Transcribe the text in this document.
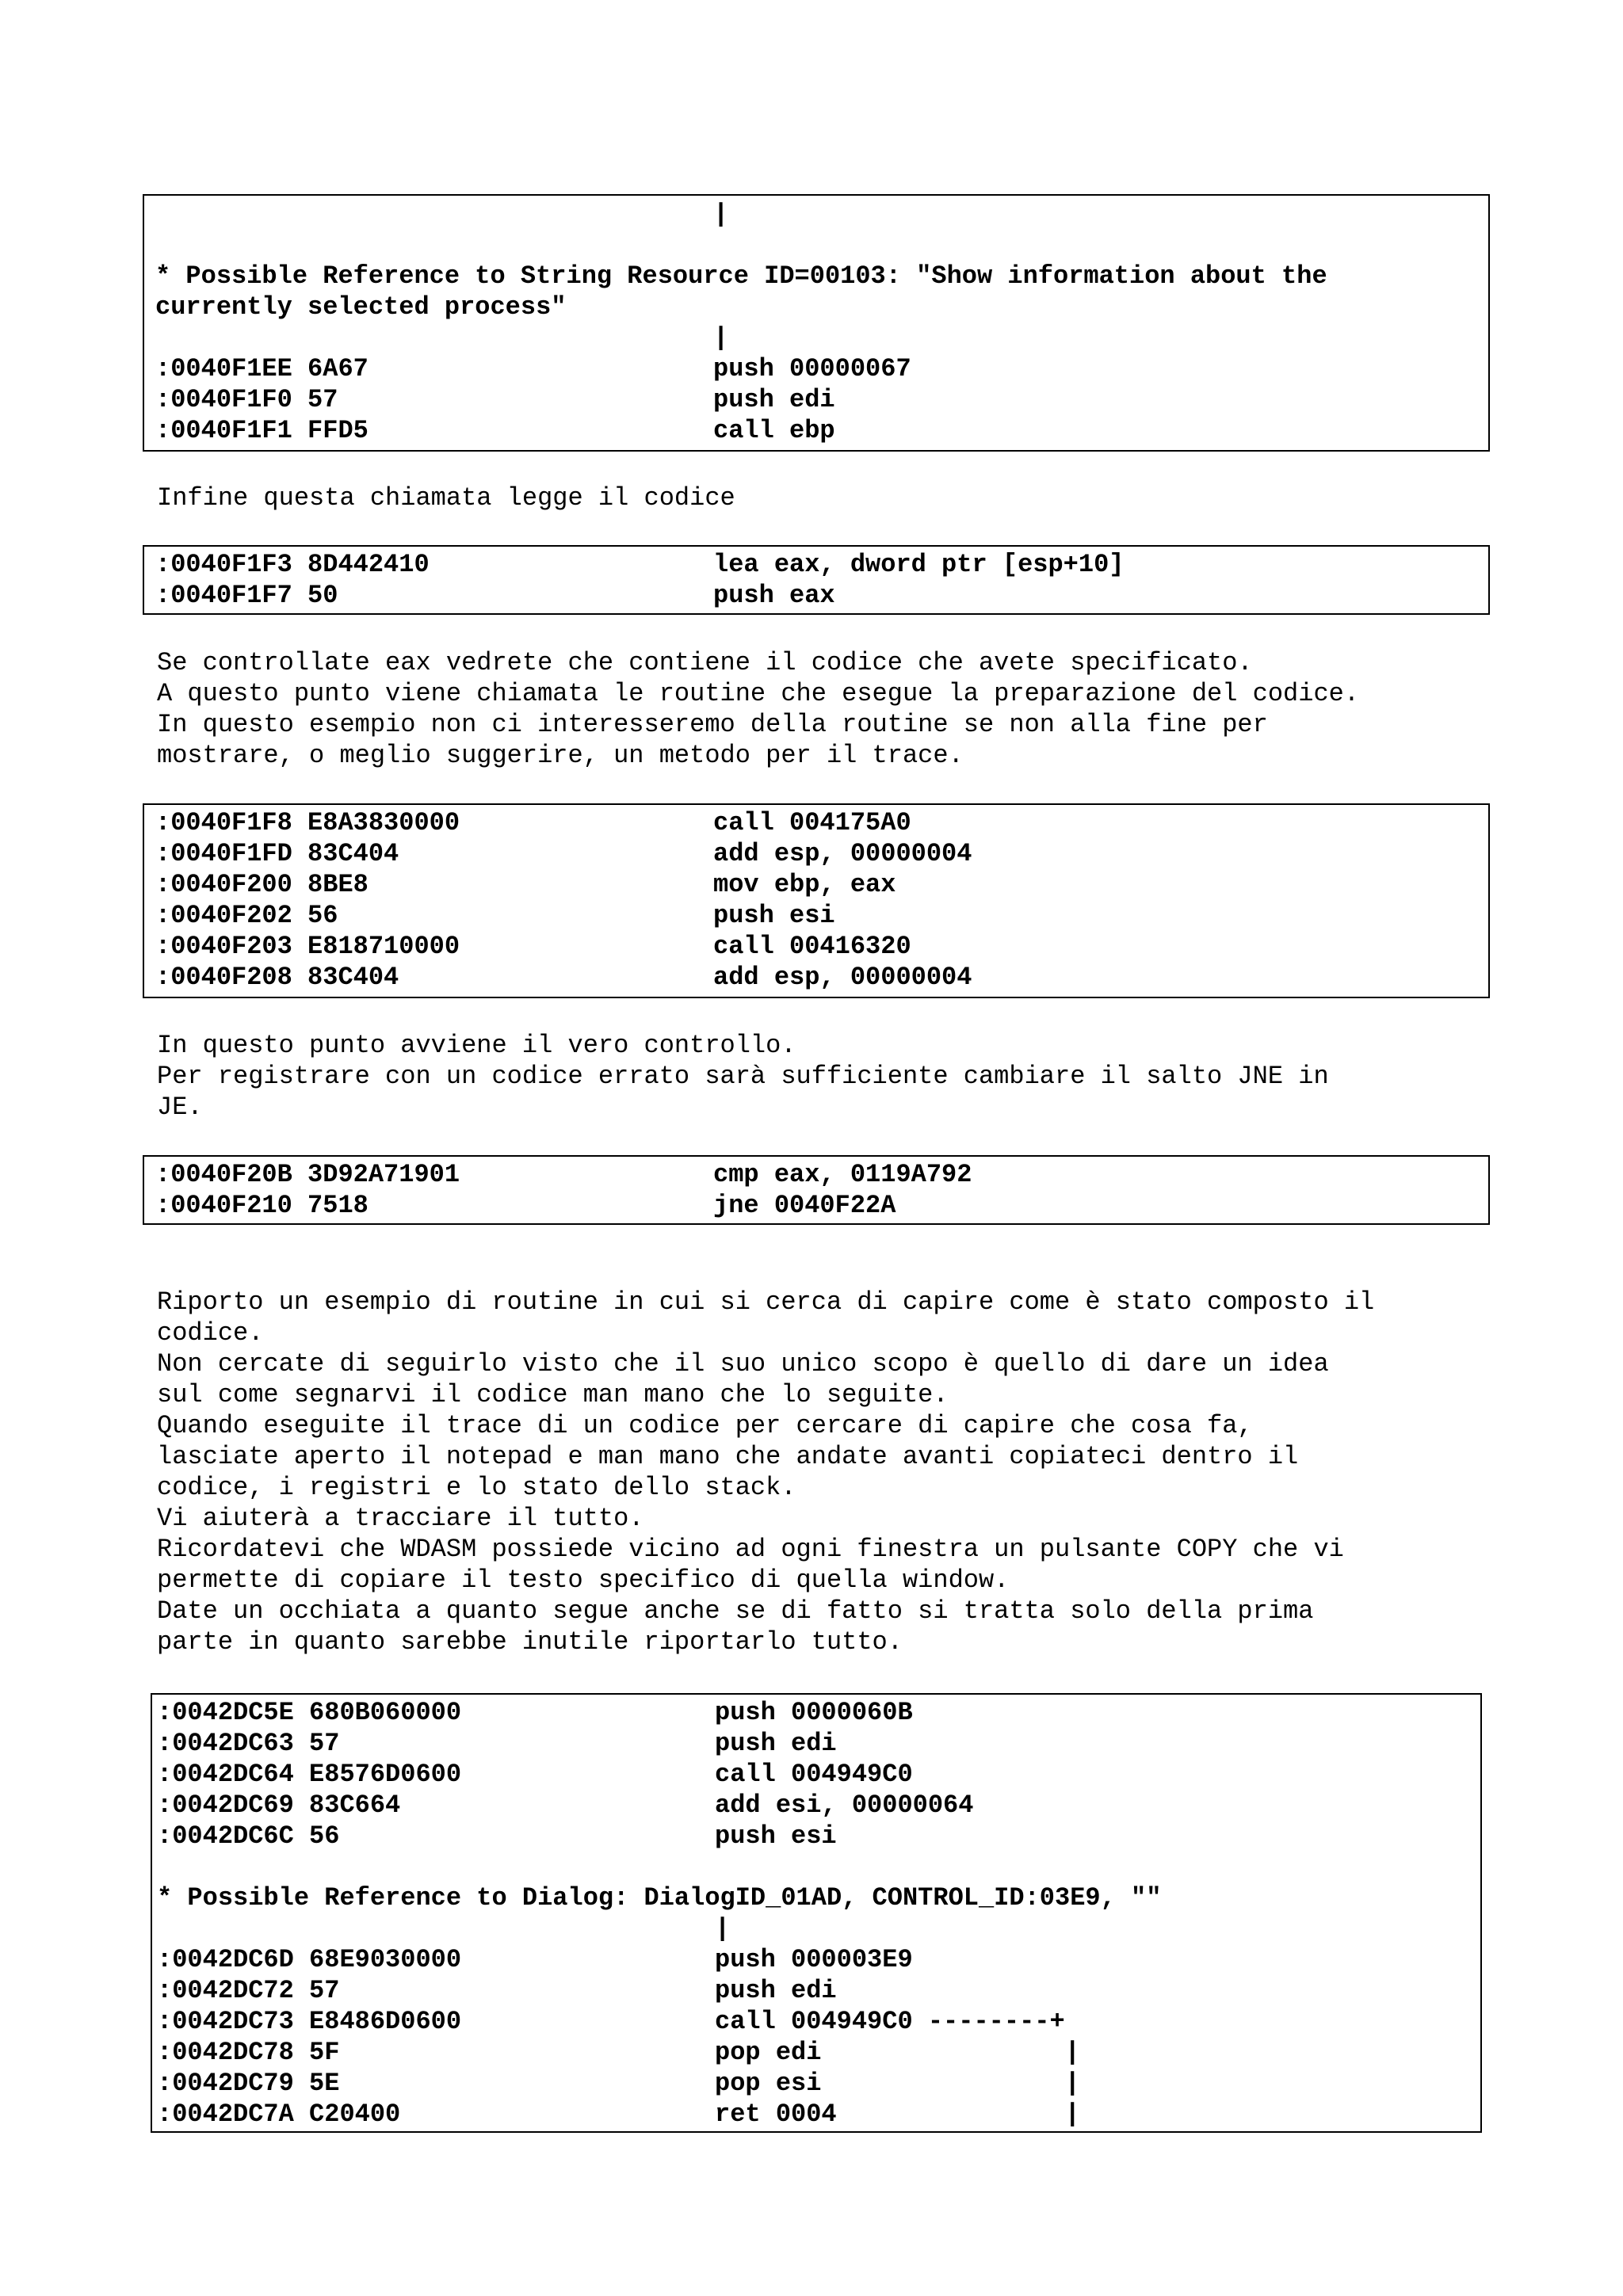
|
* Possible Reference to String Resource ID=00103: "Show information about the
currently selected process"
|
:0040F1EE 6A67	push 00000067
:0040F1F0 57	push edi
:0040F1F1 FFD5	call ebp
Infine questa chiamata legge il codice
:0040F1F3 8D442410	lea eax, dword ptr [esp+10]
:0040F1F7 50	push eax
Se controllate eax vedrete che contiene il codice che avete specificato.
A questo punto viene chiamata le routine che esegue la preparazione del codice.
In questo esempio non ci interesseremo della routine se non alla fine per
mostrare, o meglio suggerire, un metodo per il trace.
:0040F1F8 E8A3830000	call 004175A0
:0040F1FD 83C404	add esp, 00000004
:0040F200 8BE8	mov ebp, eax
:0040F202 56	push esi
:0040F203 E818710000	call 00416320
:0040F208 83C404	add esp, 00000004
In questo punto avviene il vero controllo.
Per registrare con un codice errato sarà sufficiente cambiare il salto JNE in
JE.
:0040F20B 3D92A71901	cmp eax, 0119A792
:0040F210 7518	jne 0040F22A
Riporto un esempio di routine in cui si cerca di capire come è stato composto il
codice.
Non cercate di seguirlo visto che il suo unico scopo è quello di dare un idea
sul come segnarvi il codice man mano che lo seguite.
Quando eseguite il trace di un codice per cercare di capire che cosa fa,
lasciate aperto il notepad e man mano che andate avanti copiateci dentro il
codice, i registri e lo stato dello stack.
Vi aiuterà a tracciare il tutto.
Ricordatevi che WDASM possiede vicino ad ogni finestra un pulsante COPY che vi
permette di copiare il testo specifico di quella window.
Date un occhiata a quanto segue anche se di fatto si tratta solo della prima
parte in quanto sarebbe inutile riportarlo tutto.
:0042DC5E 680B060000	push 0000060B
:0042DC63 57	push edi
:0042DC64 E8576D0600	call 004949C0
:0042DC69 83C664	add esi, 00000064
:0042DC6C 56	push esi
* Possible Reference to Dialog: DialogID_01AD, CONTROL_ID:03E9, ""
|
:0042DC6D 68E9030000	push 000003E9
:0042DC72 57	push edi
:0042DC73 E8486D0600	call 004949C0 --------+
:0042DC78 5F	pop edi                |
:0042DC79 5E	pop esi                |
:0042DC7A C20400	ret 0004               |
